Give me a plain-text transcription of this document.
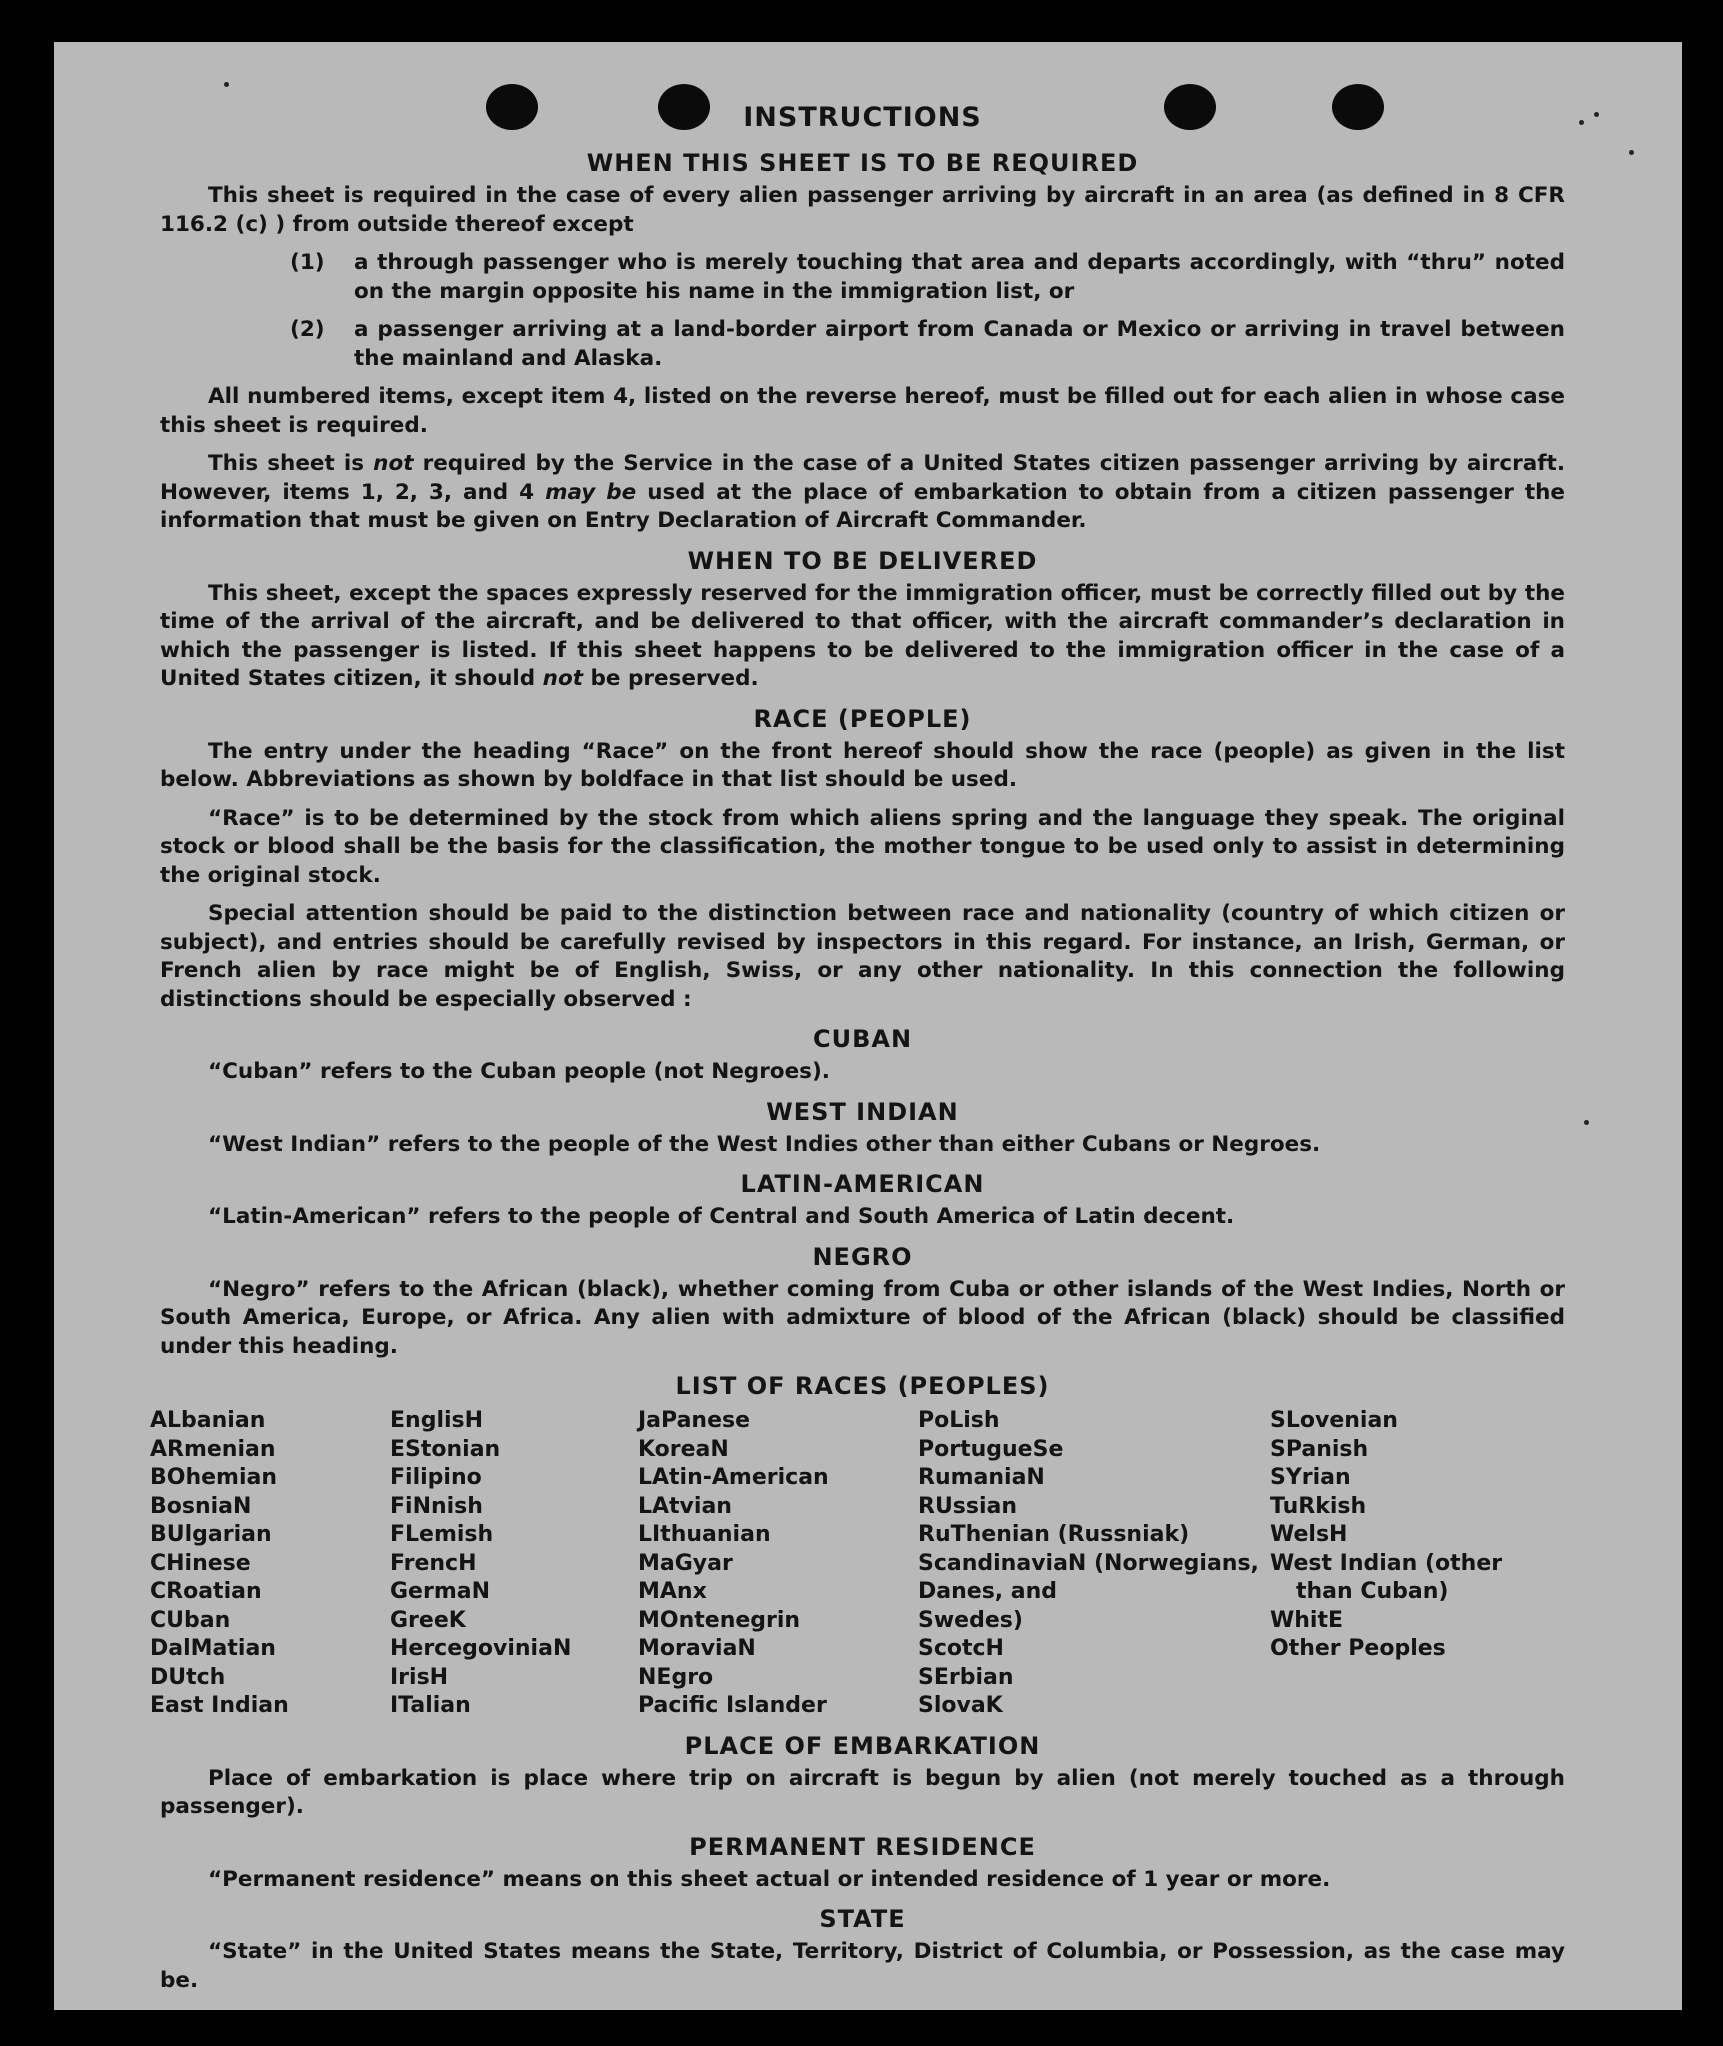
INSTRUCTIONS
WHEN THIS SHEET IS TO BE REQUIRED
This sheet is required in the case of every alien passenger arriving by aircraft in an area (as defined in 8 CFR 116.2 (c) ) from outside thereof except
(1)	a through passenger who is merely touching that area and departs accordingly, with “thru” noted on the margin opposite his name in the immigration list, or
(2)	a passenger arriving at a land-border airport from Canada or Mexico or arriving in travel between the mainland and Alaska.
All numbered items, except item 4, listed on the reverse hereof, must be filled out for each alien in whose case this sheet is required.
This sheet is not required by the Service in the case of a United States citizen passenger arriving by aircraft. However, items 1, 2, 3, and 4 may be used at the place of embarkation to obtain from a citizen passenger the information that must be given on Entry Declaration of Aircraft Commander.
WHEN TO BE DELIVERED
This sheet, except the spaces expressly reserved for the immigration officer, must be correctly filled out by the time of the arrival of the aircraft, and be delivered to that officer, with the aircraft commander’s declaration in which the passenger is listed. If this sheet happens to be delivered to the immigration officer in the case of a United States citizen, it should not be preserved.
RACE (PEOPLE)
The entry under the heading “Race” on the front hereof should show the race (people) as given in the list below. Abbreviations as shown by boldface in that list should be used.
“Race” is to be determined by the stock from which aliens spring and the language they speak. The original stock or blood shall be the basis for the classification, the mother tongue to be used only to assist in determining the original stock.
Special attention should be paid to the distinction between race and nationality (country of which citizen or subject), and entries should be carefully revised by inspectors in this regard. For instance, an Irish, German, or French alien by race might be of English, Swiss, or any other nationality. In this connection the following distinctions should be especially observed :
CUBAN
“Cuban” refers to the Cuban people (not Negroes).
WEST INDIAN
“West Indian” refers to the people of the West Indies other than either Cubans or Negroes.
LATIN-AMERICAN
“Latin-American” refers to the people of Central and South America of Latin decent.
NEGRO
“Negro” refers to the African (black), whether coming from Cuba or other islands of the West Indies, North or South America, Europe, or Africa. Any alien with admixture of blood of the African (black) should be classified under this heading.
LIST OF RACES (PEOPLES)
ALbanian
ARmenian
BOhemian
BosniaN
BUlgarian
CHinese
CRoatian
CUban
DalMatian
DUtch
East Indian
EnglisH
EStonian
Filipino
FiNnish
FLemish
FrencH
GermaN
GreeK
HercegoviniaN
IrisH
ITalian
JaPanese
KoreaN
LAtin-American
LAtvian
LIthuanian
MaGyar
MAnx
MOntenegrin
MoraviaN
NEgro
Pacific Islander
PoLish
PortugueSe
RumaniaN
RUssian
RuThenian (Russniak)
ScandinaviaN (Norwegians,
Danes, and
Swedes)
ScotcH
SErbian
SlovaK
SLovenian
SPanish
SYrian
TuRkish
WelsH
West Indian (other
than Cuban)
WhitE
Other Peoples
PLACE OF EMBARKATION
Place of embarkation is place where trip on aircraft is begun by alien (not merely touched as a through passenger).
PERMANENT RESIDENCE
“Permanent residence” means on this sheet actual or intended residence of 1 year or more.
STATE
“State” in the United States means the State, Territory, District of Columbia, or Possession, as the case may be.
